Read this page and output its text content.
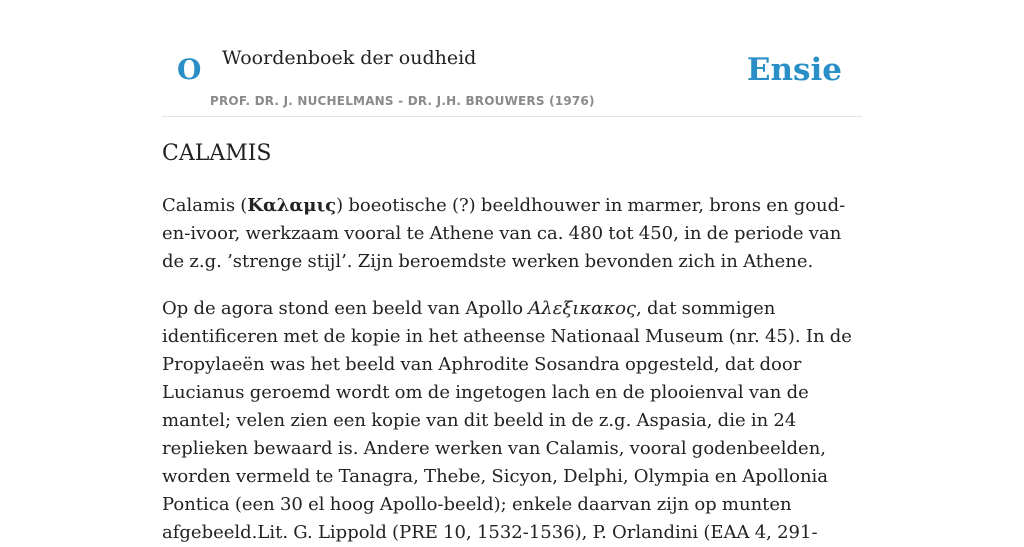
O Woordenboek der oudheid
PROF. DR. J. NUCHELMANS - DR. J.H. BROUWERS (1976)
Ensie
CALAMIS

Calamis (Καλαμις) boeotische (?) beeldhouwer in marmer, brons en goud-en-ivoor, werkzaam vooral te Athene van ca. 480 tot 450, in de periode van de z.g. ’strenge stijl’. Zijn beroemdste werken bevonden zich in Athene.

Op de agora stond een beeld van Apollo Αλεξικακος, dat sommigen identificeren met de kopie in het atheense Nationaal Museum (nr. 45). In de Propylaeën was het beeld van Aphrodite Sosandra opgesteld, dat door Lucianus geroemd wordt om de ingetogen lach en de plooienval van de mantel; velen zien een kopie van dit beeld in de z.g. Aspasia, die in 24 replieken bewaard is. Andere werken van Calamis, vooral godenbeelden, worden vermeld te Tanagra, Thebe, Sicyon, Delphi, Olympia en Apollonia Pontica (een 30 el hoog Apollo-beeld); enkele daarvan zijn op munten afgebeeld.Lit. G. Lippold (PRE 10, 1532-1536), P. Orlandini (EAA 4, 291-
